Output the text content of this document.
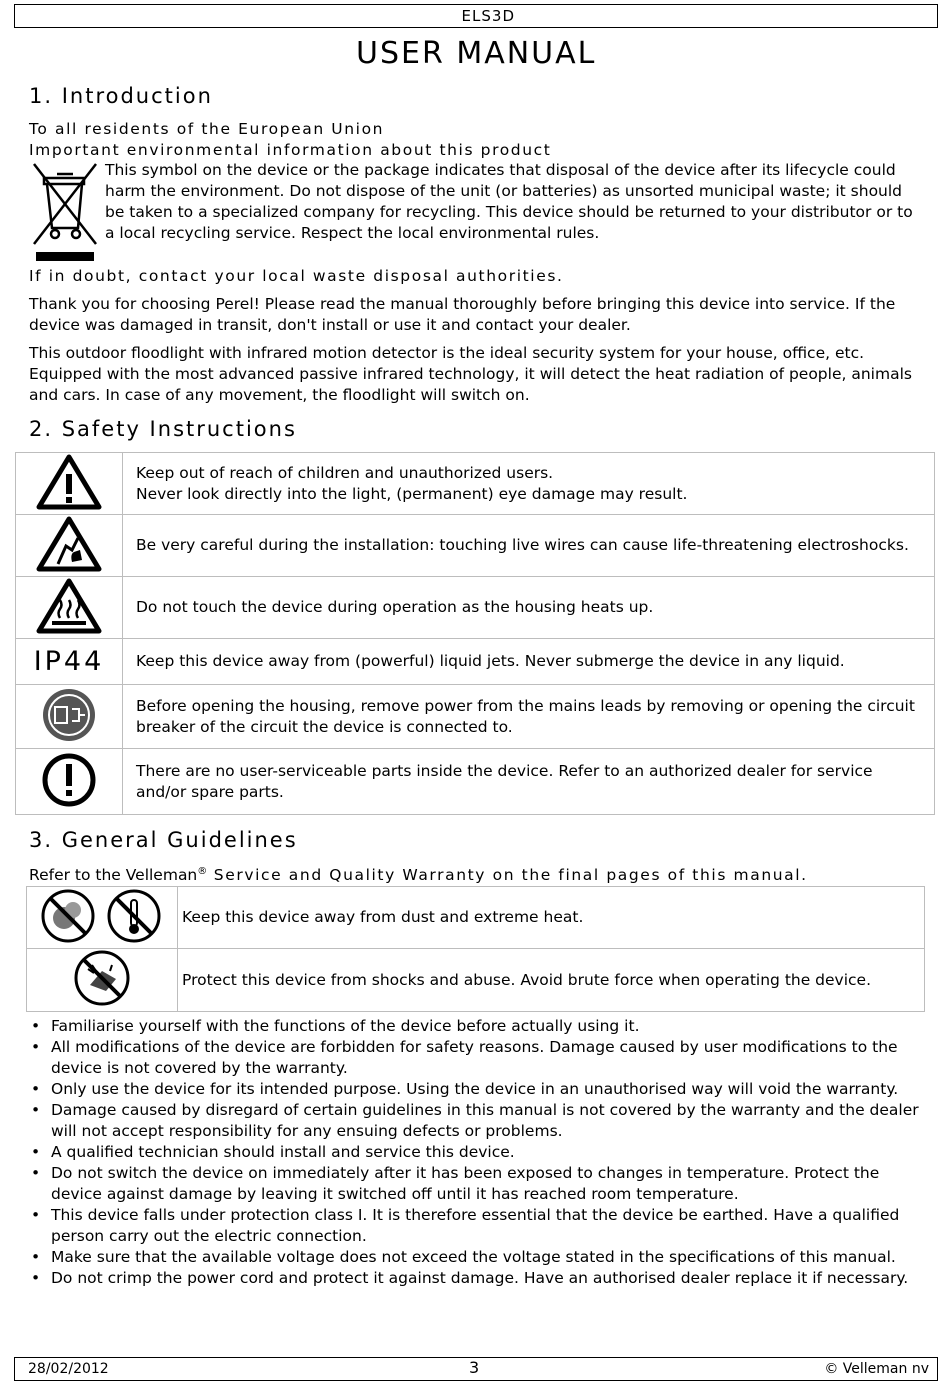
ELS3D
USER MANUAL
1. Introduction

To all residents of the European Union

Important environmental information about this product

This symbol on the device or the package indicates that disposal of the device after its lifecycle could harm the environment. Do not dispose of the unit (or batteries) as unsorted municipal waste; it should be taken to a specialized company for recycling. This device should be returned to your distributor or to a local recycling service. Respect the local environmental rules.

If in doubt, contact your local waste disposal authorities.

Thank you for choosing Perel! Please read the manual thoroughly before bringing this device into service. If the device was damaged in transit, don't install or use it and contact your dealer.

This outdoor floodlight with infrared motion detector is the ideal security system for your house, office, etc. Equipped with the most advanced passive infrared technology, it will detect the heat radiation of people, animals and cars. In case of any movement, the floodlight will switch on.

2. Safety Instructions

Keep out of reach of children and unauthorized users.
Never look directly into the light, (permanent) eye damage may result.

	Be very careful during the installation: touching live wires can cause life-threatening electroshocks.
	Do not touch the device during operation as the housing heats up.
IP44	Keep this device away from (powerful) liquid jets. Never submerge the device in any liquid.
	Before opening the housing, remove power from the mains leads by removing or opening the circuit breaker of the circuit the device is connected to.
	There are no user-serviceable parts inside the device. Refer to an authorized dealer for service and/or spare parts.
3. General Guidelines

Refer to the Velleman® Service and Quality Warranty on the final pages of this manual.

	Keep this device away from dust and extreme heat.
	Protect this device from shocks and abuse. Avoid brute force when operating the device.
• Familiarise yourself with the functions of the device before actually using it.
• All modifications of the device are forbidden for safety reasons. Damage caused by user modifications to the device is not covered by the warranty.
• Only use the device for its intended purpose. Using the device in an unauthorised way will void the warranty.
• Damage caused by disregard of certain guidelines in this manual is not covered by the warranty and the dealer will not accept responsibility for any ensuing defects or problems.
• A qualified technician should install and service this device.
• Do not switch the device on immediately after it has been exposed to changes in temperature. Protect the device against damage by leaving it switched off until it has reached room temperature.
• This device falls under protection class I. It is therefore essential that the device be earthed. Have a qualified person carry out the electric connection.
• Make sure that the available voltage does not exceed the voltage stated in the specifications of this manual.
• Do not crimp the power cord and protect it against damage. Have an authorised dealer replace it if necessary.
28/02/2012	3	© Velleman nv
